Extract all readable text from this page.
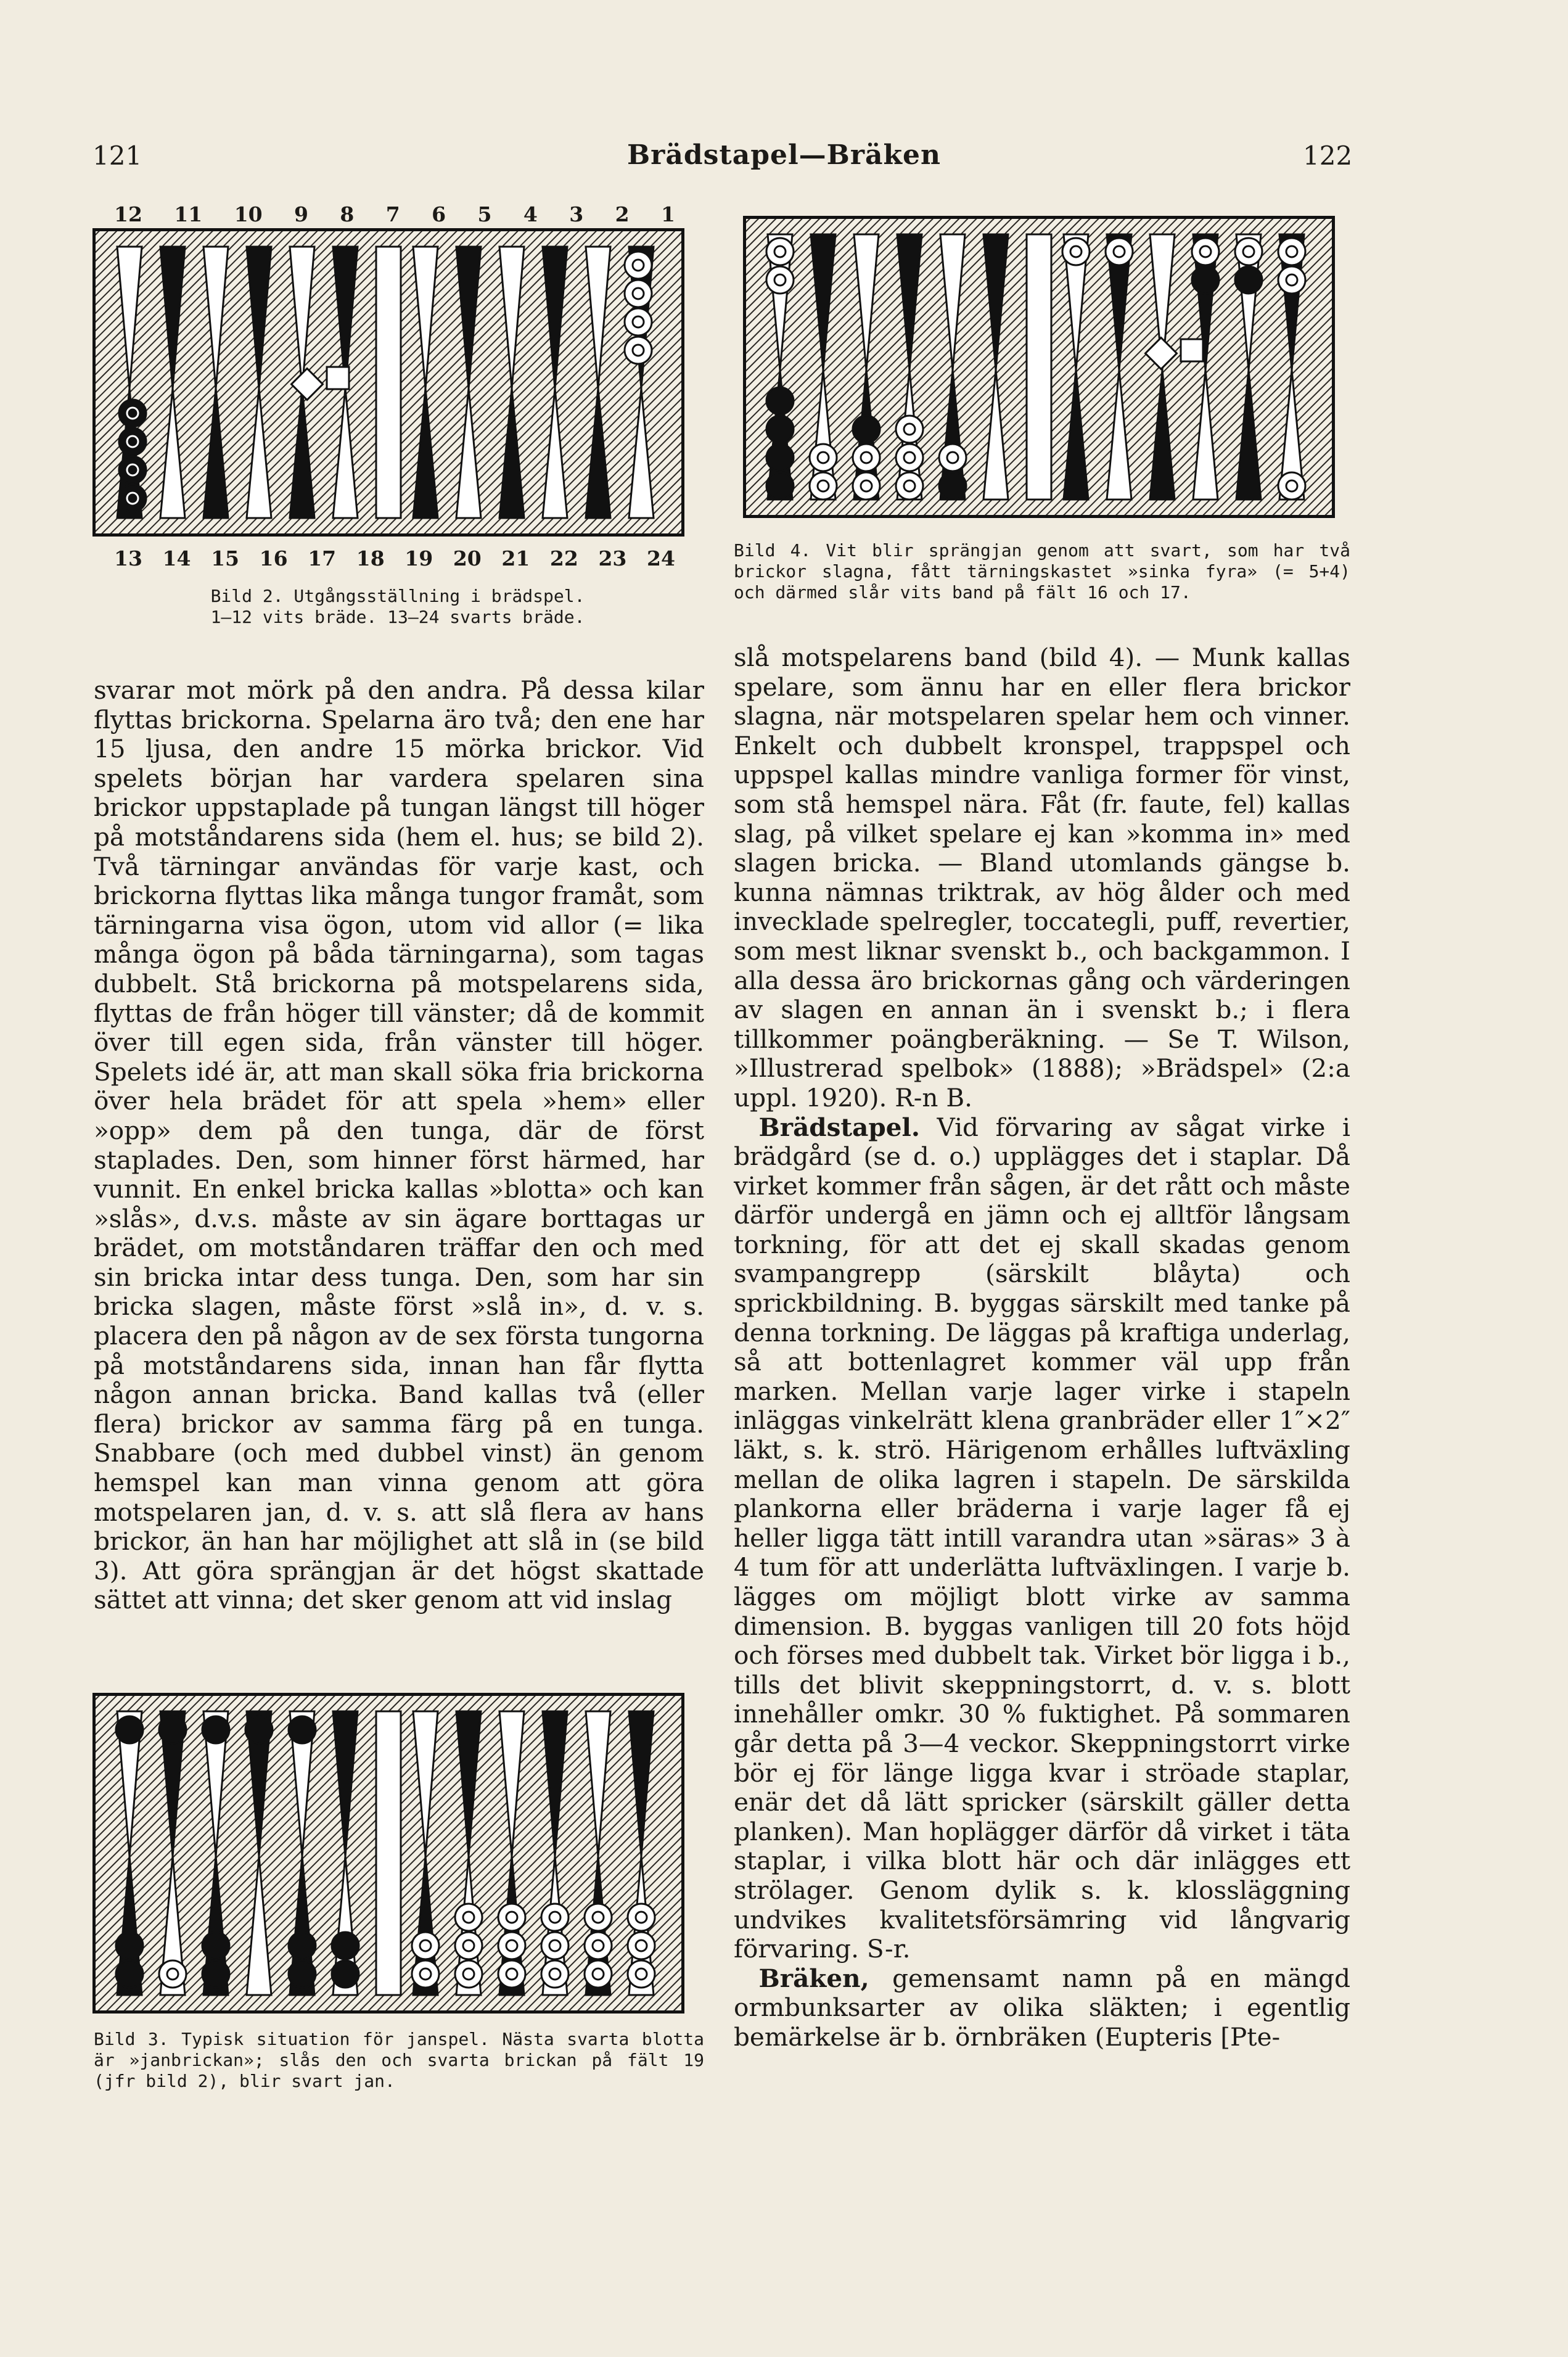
121	Brädstapel—Bräken	122
12 11 10 9 8 7 6 5 4 3 2 1
13 14 15 16 17 18 19 20 21 22 23 24
Bild 2. Utgångsställning i brädspel.
1—12 vits bräde. 13—24 svarts bräde.
Bild 4. Vit blir sprängjan genom att svart, som har två brickor slagna, fått tärningskastet »sinka fyra» (= 5+4) och därmed slår vits band på fält 16 och 17.

svarar mot mörk på den andra. På dessa kilar flyttas brickorna. Spelarna äro två; den ene har 15 ljusa, den andre 15 mörka brickor. Vid spelets början har vardera spelaren sina brickor uppstaplade på tungan längst till höger på motståndarens sida (hem el. hus; se bild 2). Två tärningar användas för varje kast, och brickorna flyttas lika många tungor framåt, som tärningarna visa ögon, utom vid allor (= lika många ögon på båda tärningarna), som tagas dubbelt. Stå brickorna på motspelarens sida, flyttas de från höger till vänster; då de kommit över till egen sida, från vänster till höger. Spelets idé är, att man skall söka fria brickorna över hela brädet för att spela »hem» eller »opp» dem på den tunga, där de först staplades. Den, som hinner först härmed, har vunnit. En enkel bricka kallas »blotta» och kan »slås», d.v.s. måste av sin ägare borttagas ur brädet, om motståndaren träffar den och med sin bricka intar dess tunga. Den, som har sin bricka slagen, måste först »slå in», d. v. s. placera den på någon av de sex första tungorna på motståndarens sida, innan han får flytta någon annan bricka. Band kallas två (eller flera) brickor av samma färg på en tunga. Snabbare (och med dubbel vinst) än genom hemspel kan man vinna genom att göra motspelaren jan, d. v. s. att slå flera av hans brickor, än han har möjlighet att slå in (se bild 3). Att göra sprängjan är det högst skattade sättet att vinna; det sker genom att vid inslag

Bild 3. Typisk situation för janspel. Nästa svarta blotta är »janbrickan»; slås den och svarta brickan på fält 19 (jfr bild 2), blir svart jan.

slå motspelarens band (bild 4). — Munk kallas spelare, som ännu har en eller flera brickor slagna, när motspelaren spelar hem och vinner. Enkelt och dubbelt kronspel, trappspel och uppspel kallas mindre vanliga former för vinst, som stå hemspel nära. Fåt (fr. faute, fel) kallas slag, på vilket spelare ej kan »komma in» med slagen bricka. — Bland utomlands gängse b. kunna nämnas triktrak, av hög ålder och med invecklade spelregler, toccategli, puff, revertier, som mest liknar svenskt b., och backgammon. I alla dessa äro brickornas gång och värderingen av slagen en annan än i svenskt b.; i flera tillkommer poängberäkning. — Se T. Wilson, »Illustrerad spelbok» (1888); »Brädspel» (2:a uppl. 1920). R-n B.

 Brädstapel. Vid förvaring av sågat virke i brädgård (se d. o.) upplägges det i staplar. Då virket kommer från sågen, är det rått och måste därför undergå en jämn och ej alltför långsam torkning, för att det ej skall skadas genom svampangrepp (särskilt blåyta) och sprickbildning. B. byggas särskilt med tanke på denna torkning. De läggas på kraftiga underlag, så att bottenlagret kommer väl upp från marken. Mellan varje lager virke i stapeln inläggas vinkelrätt klena granbräder eller 1″×2″ läkt, s. k. strö. Härigenom erhålles luftväxling mellan de olika lagren i stapeln. De särskilda plankorna eller bräderna i varje lager få ej heller ligga tätt intill varandra utan »säras» 3 à 4 tum för att underlätta luftväxlingen. I varje b. lägges om möjligt blott virke av samma dimension. B. byggas vanligen till 20 fots höjd och förses med dubbelt tak. Virket bör ligga i b., tills det blivit skeppningstorrt, d. v. s. blott innehåller omkr. 30 % fuktighet. På sommaren går detta på 3—4 veckor. Skeppningstorrt virke bör ej för länge ligga kvar i ströade staplar, enär det då lätt spricker (särskilt gäller detta planken). Man hoplägger därför då virket i täta staplar, i vilka blott här och där inlägges ett strölager. Genom dylik s. k. klossläggning undvikes kvalitetsförsämring vid långvarig förvaring. S-r.

 Bräken, gemensamt namn på en mängd ormbunksarter av olika släkten; i egentlig bemärkelse är b. örnbräken (Eupteris [Pte-
